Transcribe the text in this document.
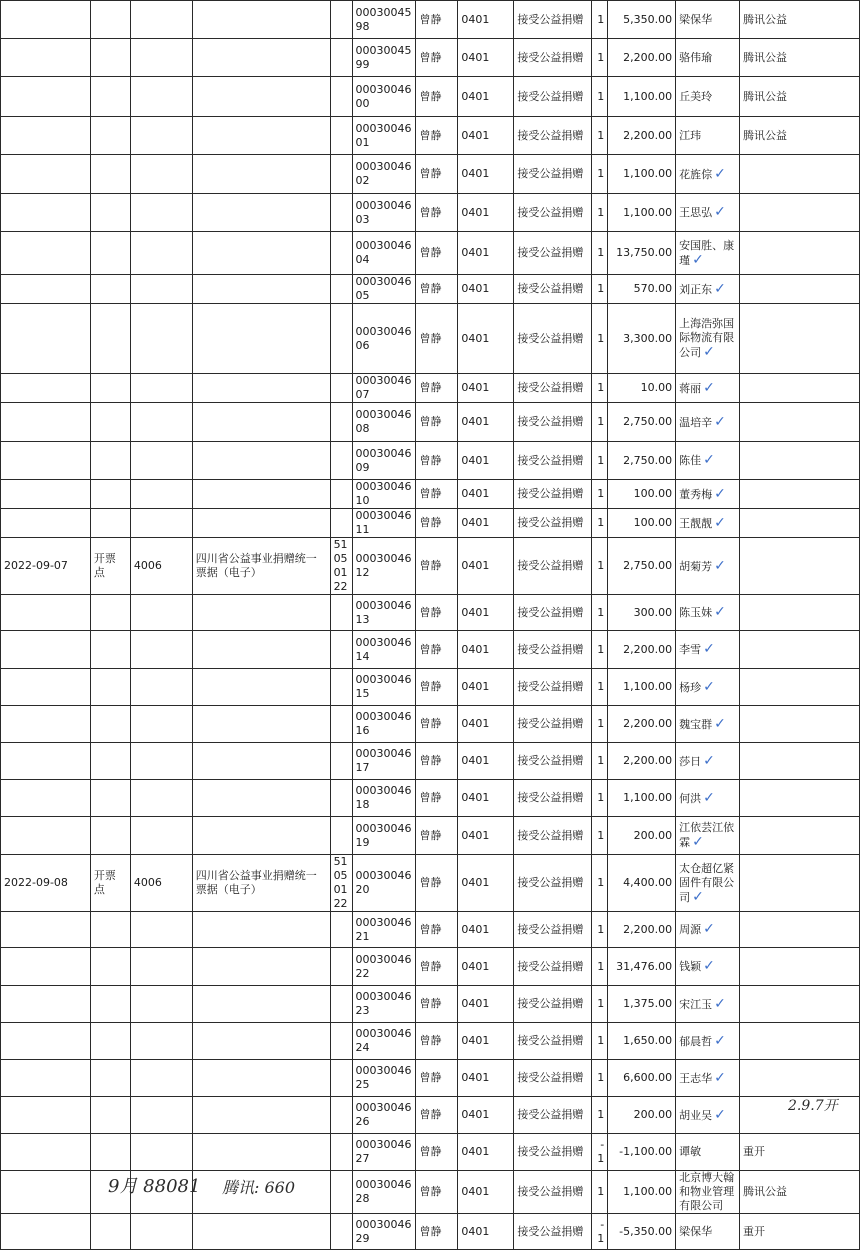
					0003004598	曾静	0401	接受公益捐赠	1	5,350.00	梁保华	腾讯公益
					0003004599	曾静	0401	接受公益捐赠	1	2,200.00	骆伟瑜	腾讯公益
					0003004600	曾静	0401	接受公益捐赠	1	1,100.00	丘美玲	腾讯公益
					0003004601	曾静	0401	接受公益捐赠	1	2,200.00	江玮	腾讯公益
					0003004602	曾静	0401	接受公益捐赠	1	1,100.00	花旌倧 ✓	
					0003004603	曾静	0401	接受公益捐赠	1	1,100.00	王思弘 ✓	
					0003004604	曾静	0401	接受公益捐赠	1	13,750.00	安国胜、康瑾 ✓	
					0003004605	曾静	0401	接受公益捐赠	1	570.00	刘正东 ✓	
					0003004606	曾静	0401	接受公益捐赠	1	3,300.00	上海浩弥国际物流有限公司 ✓	
					0003004607	曾静	0401	接受公益捐赠	1	10.00	蒋丽 ✓	
					0003004608	曾静	0401	接受公益捐赠	1	2,750.00	温培辛 ✓	
					0003004609	曾静	0401	接受公益捐赠	1	2,750.00	陈佳 ✓	
					0003004610	曾静	0401	接受公益捐赠	1	100.00	董秀梅 ✓	
					0003004611	曾静	0401	接受公益捐赠	1	100.00	王靓靓 ✓	
2022-09-07	开票点	4006	四川省公益事业捐赠统一票据（电子）	51050122	0003004612	曾静	0401	接受公益捐赠	1	2,750.00	胡菊芳 ✓	
					0003004613	曾静	0401	接受公益捐赠	1	300.00	陈玉妹 ✓	
					0003004614	曾静	0401	接受公益捐赠	1	2,200.00	李雪 ✓	
					0003004615	曾静	0401	接受公益捐赠	1	1,100.00	杨珍 ✓	
					0003004616	曾静	0401	接受公益捐赠	1	2,200.00	魏宝群 ✓	
					0003004617	曾静	0401	接受公益捐赠	1	2,200.00	莎日 ✓	
					0003004618	曾静	0401	接受公益捐赠	1	1,100.00	何洪 ✓	
					0003004619	曾静	0401	接受公益捐赠	1	200.00	江依芸江依霖 ✓	
2022-09-08	开票点	4006	四川省公益事业捐赠统一票据（电子）	51050122	0003004620	曾静	0401	接受公益捐赠	1	4,400.00	太仓超亿紧固件有限公司 ✓	
					0003004621	曾静	0401	接受公益捐赠	1	2,200.00	周源 ✓	
					0003004622	曾静	0401	接受公益捐赠	1	31,476.00	钱颖 ✓	
					0003004623	曾静	0401	接受公益捐赠	1	1,375.00	宋江玉 ✓	
					0003004624	曾静	0401	接受公益捐赠	1	1,650.00	郁晨哲 ✓	
					0003004625	曾静	0401	接受公益捐赠	1	6,600.00	王志华 ✓	
					0003004626	曾静	0401	接受公益捐赠	1	200.00	胡业吴 ✓	
					0003004627	曾静	0401	接受公益捐赠	-1	-1,100.00	谭敏	重开
					0003004628	曾静	0401	接受公益捐赠	1	1,100.00	北京博大翰和物业管理有限公司	腾讯公益
					0003004629	曾静	0401	接受公益捐赠	-1	-5,350.00	梁保华	重开
2.9.7开
9月 88081 腾讯: 660
